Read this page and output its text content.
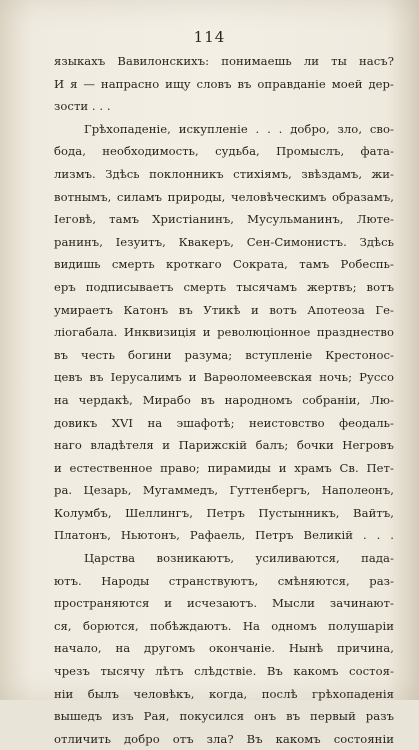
114
языкахъ Вавилонскихъ: понимаешь ли ты насъ?
И я — напрасно ищу словъ въ оправданіе моей дер-
зости . . .
Грѣхопаденіе, искупленіе . . . добро, зло, сво-
бода, необходимость, судьба, Промыслъ, фата-
лизмъ. Здѣсь поклонникъ стихіямъ, звѣздамъ, жи-
вотнымъ, силамъ природы, человѣческимъ образамъ,
Іеговѣ, тамъ Христіанинъ, Мусульманинъ, Люте-
ранинъ, Іезуитъ, Квакеръ, Сен-Симонистъ. Здѣсь
видишь смерть кроткаго Сократа, тамъ Робеспь-
еръ подписываетъ смерть тысячамъ жертвъ; вотъ
умираетъ Катонъ въ Утикѣ и вотъ Апотеоза Ге-
ліогабала. Инквизиція и революціонное празднество
въ честь богини разума; вступленіе Крестонос-
цевъ въ Іерусалимъ и Варѳоломеевская ночь; Руссо
на чердакѣ, Мирабо въ народномъ собраніи, Лю-
довикъ XVI на эшафотѣ; неистовство феодаль-
наго владѣтеля и Парижскій балъ; бочки Негровъ
и естественное право; пирамиды и храмъ Св. Пет-
ра. Цезарь, Мугаммедъ, Гуттенбергъ, Наполеонъ,
Колумбъ, Шеллингъ, Петръ Пустынникъ, Вайтъ,
Платонъ, Ньютонъ, Рафаель, Петръ Великій . . .
Царства возникаютъ, усиливаются, пада-
ютъ. Народы странствуютъ, смѣняются, раз-
прострaняются и исчезаютъ. Мысли зачинают-
ся, борются, побѣждаютъ. На одномъ полушаріи
начало, на другомъ окончаніе. Нынѣ причина,
чрезъ тысячу лѣтъ слѣдствіе. Въ какомъ состоя-
ніи былъ человѣкъ, когда, послѣ грѣхопаденія
вышедъ изъ Рая, покусился онъ въ первый разъ
отличить добро отъ зла? Въ какомъ состояніи
